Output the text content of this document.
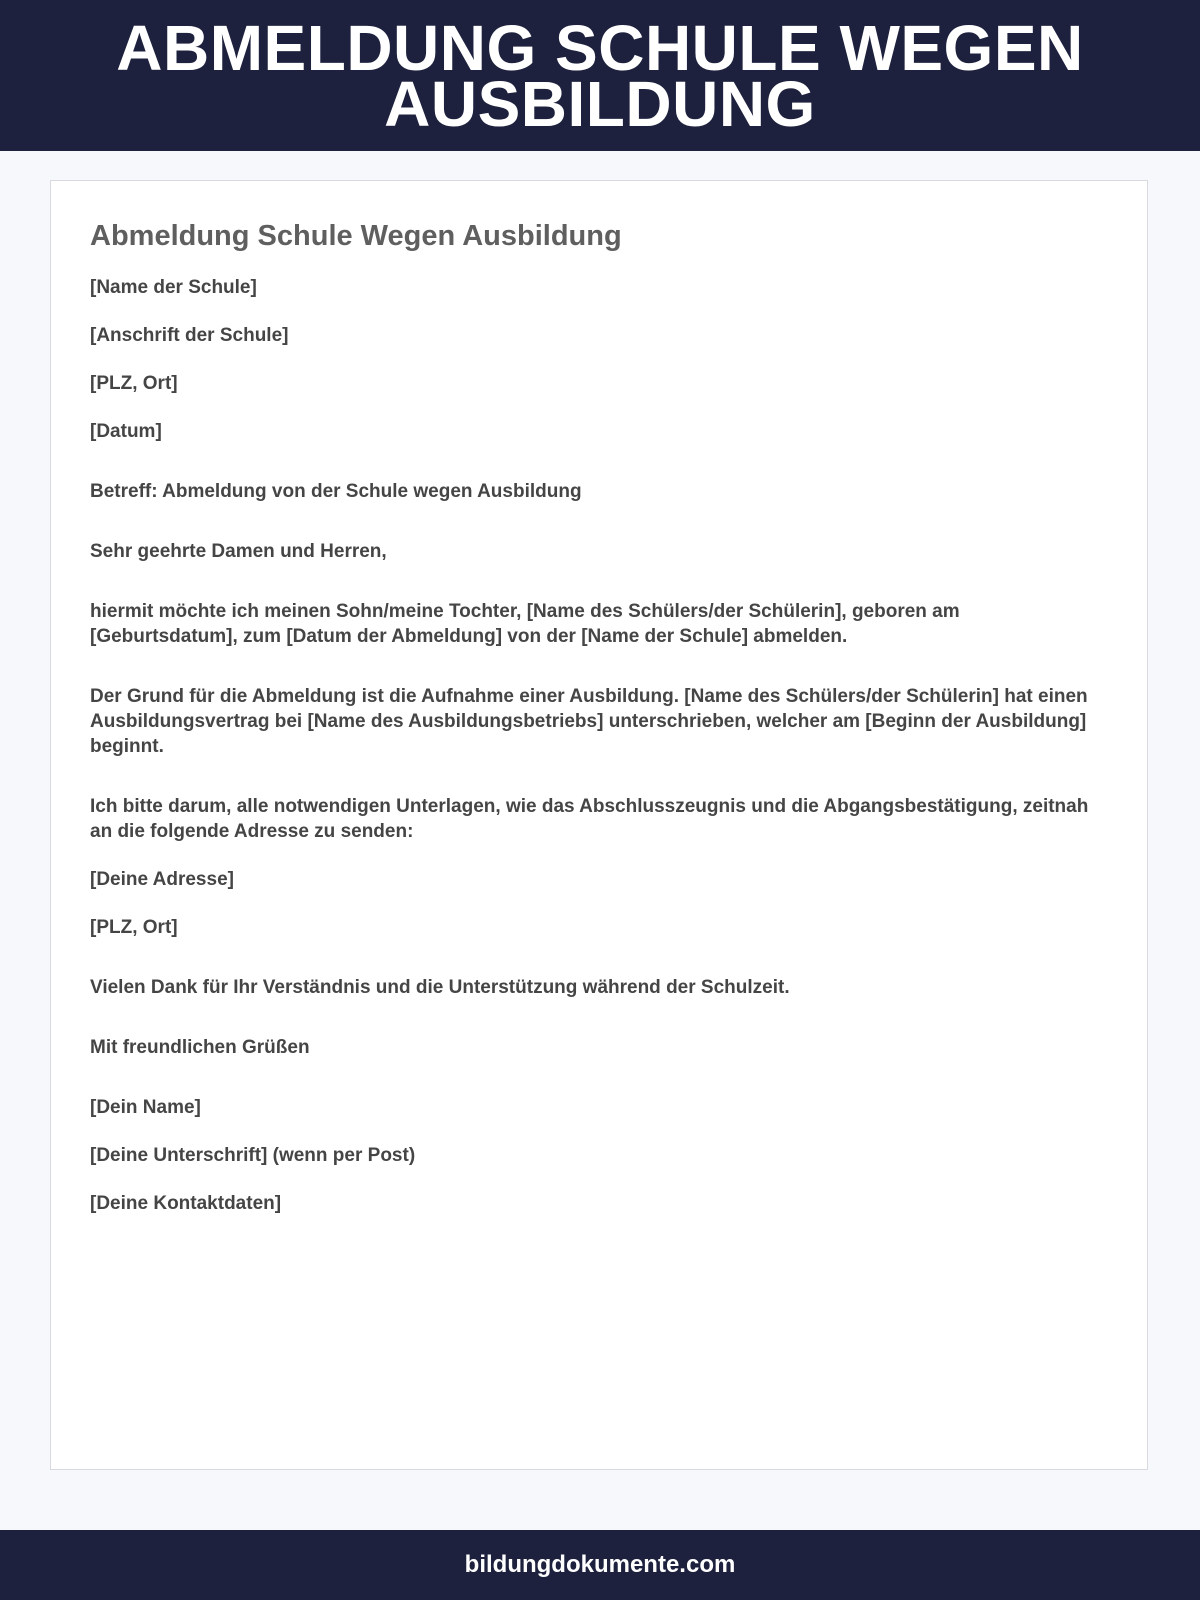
ABMELDUNG SCHULE WEGEN AUSBILDUNG
Abmeldung Schule Wegen Ausbildung

[Name der Schule]

[Anschrift der Schule]

[PLZ, Ort]

[Datum]

Betreff: Abmeldung von der Schule wegen Ausbildung

Sehr geehrte Damen und Herren,

hiermit möchte ich meinen Sohn/meine Tochter, [Name des Schülers/der Schülerin], geboren am [Geburtsdatum], zum [Datum der Abmeldung] von der [Name der Schule] abmelden.

Der Grund für die Abmeldung ist die Aufnahme einer Ausbildung. [Name des Schülers/der Schülerin] hat einen Ausbildungsvertrag bei [Name des Ausbildungsbetriebs] unterschrieben, welcher am [Beginn der Ausbildung] beginnt.

Ich bitte darum, alle notwendigen Unterlagen, wie das Abschlusszeugnis und die Abgangsbestätigung, zeitnah an die folgende Adresse zu senden:

[Deine Adresse]

[PLZ, Ort]

Vielen Dank für Ihr Verständnis und die Unterstützung während der Schulzeit.

Mit freundlichen Grüßen

[Dein Name]

[Deine Unterschrift] (wenn per Post)

[Deine Kontaktdaten]

bildungdokumente.com
